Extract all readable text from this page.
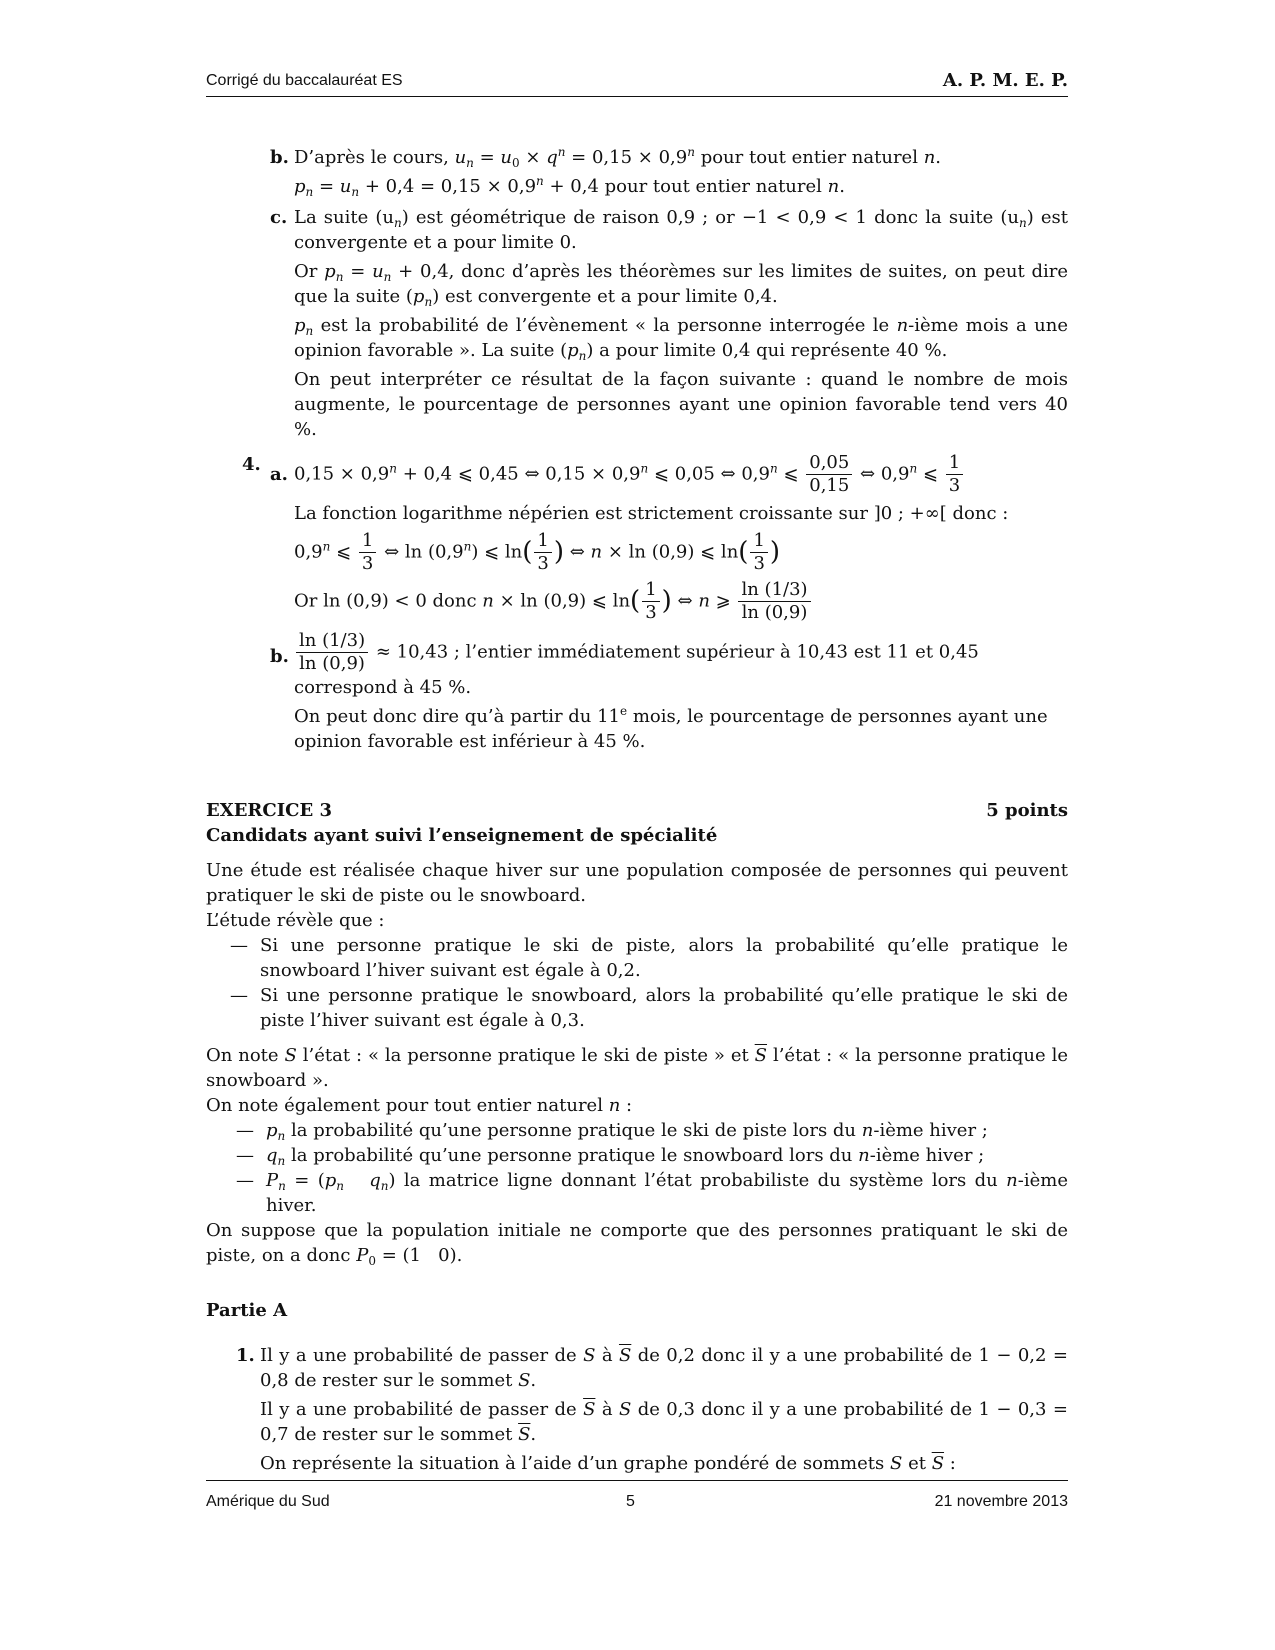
Corrigé du baccalauréat ES	A. P. M. E. P.
b. D’après le cours, $u_n = u_0 \times q^n = 0,15 \times 0,9^n$ pour tout entier naturel n.

$p_n = u_n + 0,4 = 0,15 \times 0,9^n + 0,4$ pour tout entier naturel n.

c. La suite $(u_n)$ est géométrique de raison 0,9 ; or −1 < 0,9 < 1 donc la suite $(u_n)$ est convergente et a pour limite 0.

Or $p_n = u_n + 0,4$, donc d’après les théorèmes sur les limites de suites, on peut dire que la suite $(p_n)$ est convergente et a pour limite 0,4.

$p_n$ est la probabilité de l’évènement « la personne interrogée le n-ième mois a une opinion favorable ». La suite $(p_n)$ a pour limite 0,4 qui représente 40 %.

On peut interpréter ce résultat de la façon suivante : quand le nombre de mois augmente, le pourcentage de personnes ayant une opinion favorable tend vers 40 %.

4. a. $0,15 \times 0,9^n + 0,4$ ⩽ 0,45 ⇔ $0,15 \times 0,9^n$ ⩽ 0,05 ⇔ 0,9$^n$ ⩽ $\frac{0,05}{0,15}$ ⇔ 0,9$^n$ ⩽ $\frac{1}{3}$

La fonction logarithme népérien est strictement croissante sur ]0 ; +∞[ donc :

0,9$^n$ ⩽ $\frac{1}{3}$ ⇔ ln (0,9$^n$) ⩽ $\ln( \frac{1}{3}$ ) ⇔ n × ln (0,9) ⩽ $\ln( \frac{1}{3}$ )

Or ln (0,9) < 0 donc n × ln (0,9) ⩽ $\ln( \frac{1}{3}$ ) ⇔ n ⩾ $\frac{\ln (1/3)}{\ln (0,9)}$

b. $\frac{\ln (1/3)}{\ln (0,9)} \approx 10,43$ ; l’entier immédiatement supérieur à 10,43 est 11 et 0,45 correspond à 45 %.

On peut donc dire qu’à partir du 11e mois, le pourcentage de personnes ayant une opinion favorable est inférieur à 45 %.

EXERCICE 3	5 points
Candidats ayant suivi l’enseignement de spécialité

Une étude est réalisée chaque hiver sur une population composée de personnes qui peuvent pratiquer le ski de piste ou le snowboard.

L’étude révèle que :

— Si une personne pratique le ski de piste, alors la probabilité qu’elle pratique le snowboard l’hiver suivant est égale à 0,2.
— Si une personne pratique le snowboard, alors la probabilité qu’elle pratique le ski de piste l’hiver suivant est égale à 0,3.

On note S l’état : « la personne pratique le ski de piste » et $\overline{S}$ l’état : « la personne pratique le snowboard ».

On note également pour tout entier naturel n :

— $p_n$ la probabilité qu’une personne pratique le ski de piste lors du n-ième hiver ;
— $q_n$ la probabilité qu’une personne pratique le snowboard lors du n-ième hiver ;
— $P_n = (p_n$ $q_n$) la matrice ligne donnant l’état probabiliste du système lors du n-ième hiver.

On suppose que la population initiale ne comporte que des personnes pratiquant le ski de piste, on a donc $P_0 = (1$   0).

Partie A
1. Il y a une probabilité de passer de S à $\overline{S}$ de 0,2 donc il y a une probabilité de 1 − 0,2 = 0,8 de rester sur le sommet S.

Il y a une probabilité de passer de $\overline{S}$ à S de 0,3 donc il y a une probabilité de 1 − 0,3 = 0,7 de rester sur le sommet $\overline{S}$.

On représente la situation à l’aide d’un graphe pondéré de sommets S et $\overline{S}$ :

Amérique du Sud	5	21 novembre 2013
